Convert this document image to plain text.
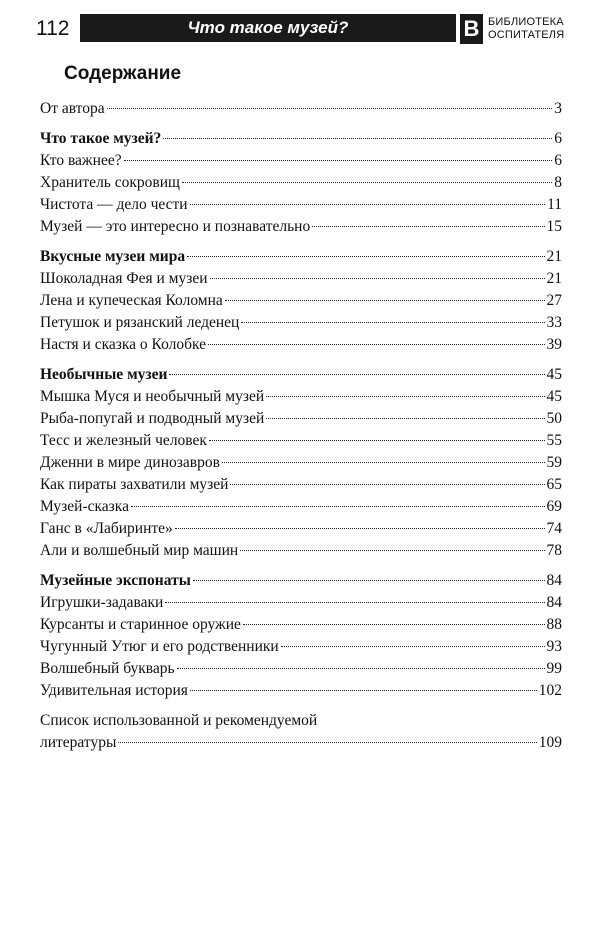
112	Что такое музей?	В БИБЛИОТЕКА
ОСПИТАТЕЛЯ
Содержание
От автора	3
Что такое музей?	6
Кто важнее?	6
Хранитель сокровищ	8
Чистота — дело чести	11
Музей — это интересно и познавательно	15
Вкусные музеи мира	21
Шоколадная Фея и музеи	21
Лена и купеческая Коломна	27
Петушок и рязанский леденец	33
Настя и сказка о Колобке	39
Необычные музеи	45
Мышка Муся и необычный музей	45
Рыба-попугай и подводный музей	50
Тесс и железный человек	55
Дженни в мире динозавров	59
Как пираты захватили музей	65
Музей-сказка	69
Ганс в «Лабиринте»	74
Али и волшебный мир машин	78
Музейные экспонаты	84
Игрушки-задаваки	84
Курсанты и старинное оружие	88
Чугунный Утюг и его родственники	93
Волшебный букварь	99
Удивительная история	102
Список использованной и рекомендуемой
литературы	109
